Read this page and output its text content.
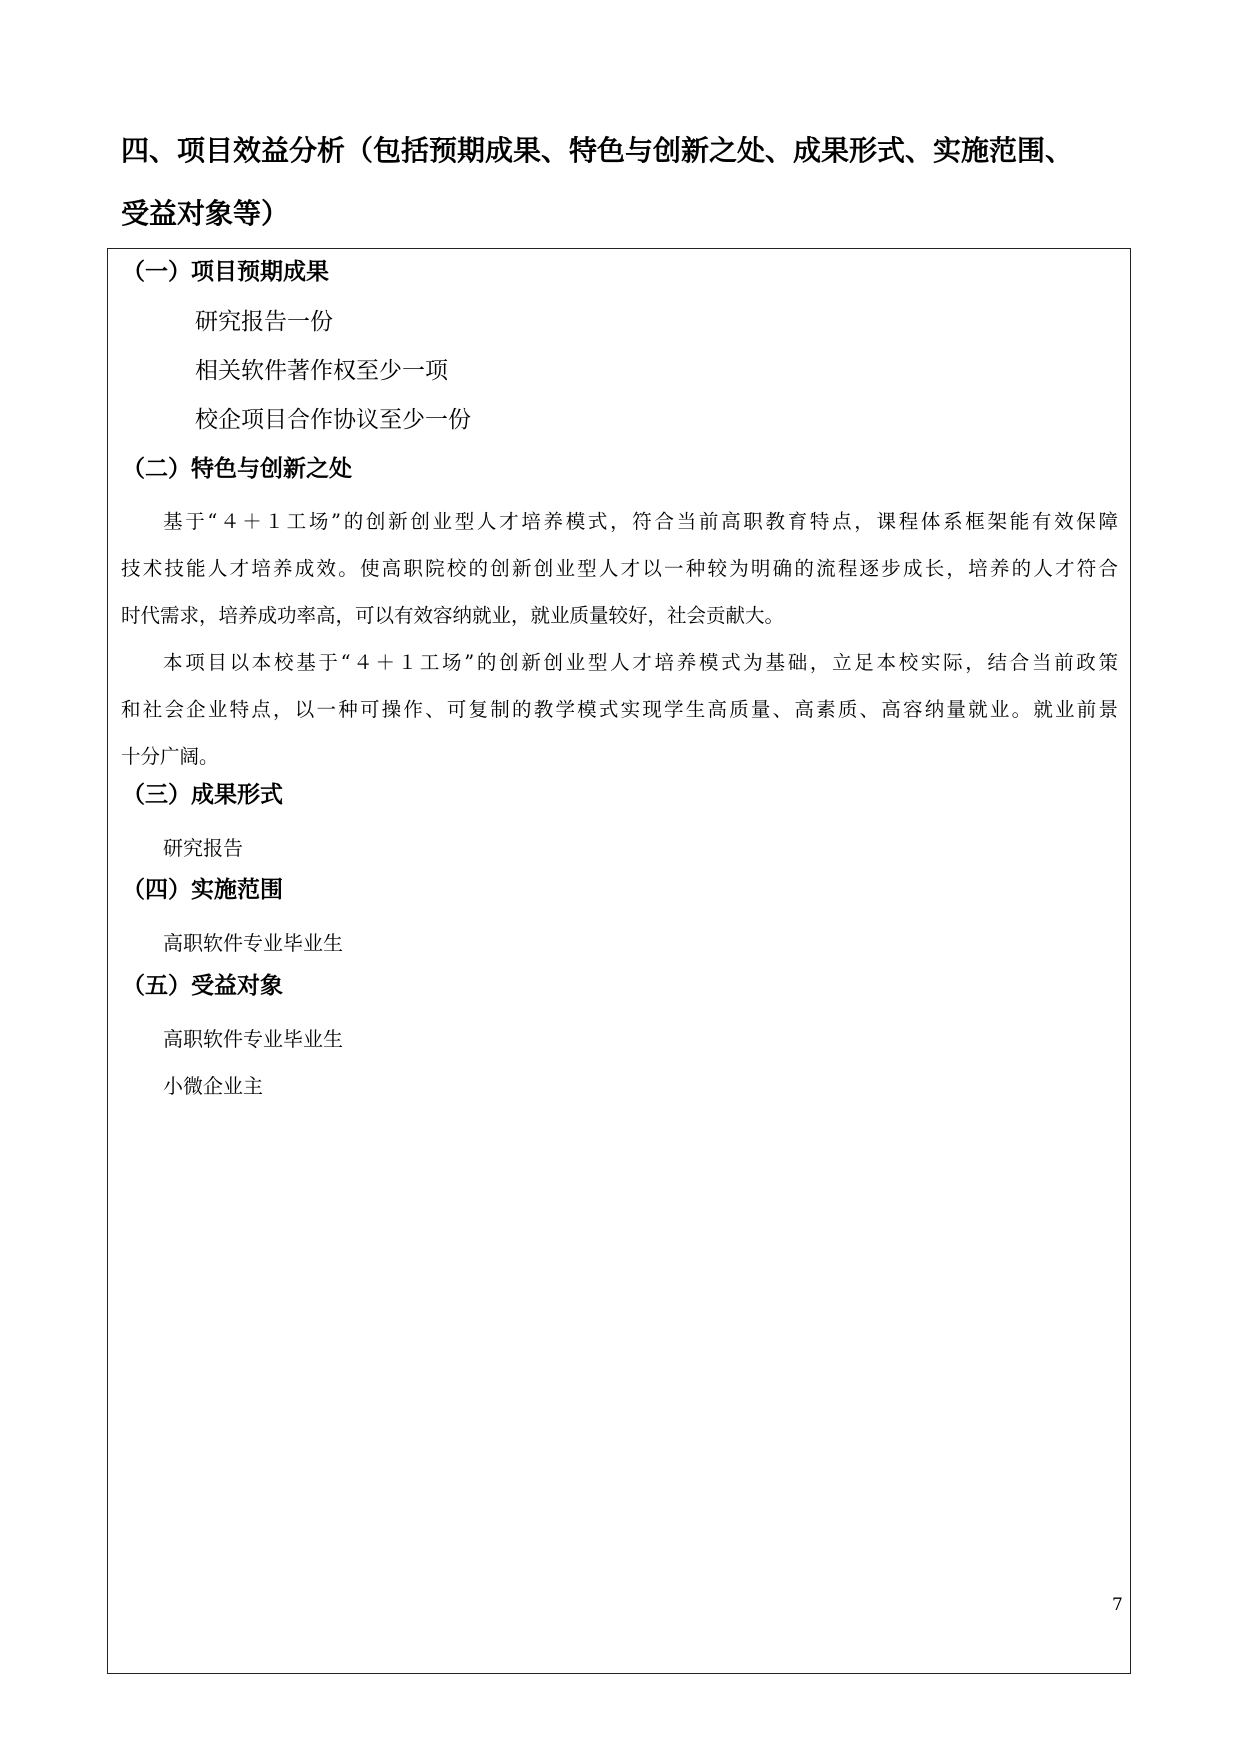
四、项目效益分析（包括预期成果、特色与创新之处、成果形式、实施范围、
受益对象等）
（一）项目预期成果
研究报告一份
相关软件著作权至少一项
校企项目合作协议至少一份
（二）特色与创新之处
基于“４＋１工场”的创新创业型人才培养模式，符合当前高职教育特点，课程体系框架能有效保障
技术技能人才培养成效。使高职院校的创新创业型人才以一种较为明确的流程逐步成长，培养的人才符合
时代需求，培养成功率高，可以有效容纳就业，就业质量较好，社会贡献大。
本项目以本校基于“４＋１工场”的创新创业型人才培养模式为基础，立足本校实际，结合当前政策
和社会企业特点，以一种可操作、可复制的教学模式实现学生高质量、高素质、高容纳量就业。就业前景
十分广阔。
（三）成果形式
研究报告
（四）实施范围
高职软件专业毕业生
（五）受益对象
高职软件专业毕业生
小微企业主
7
